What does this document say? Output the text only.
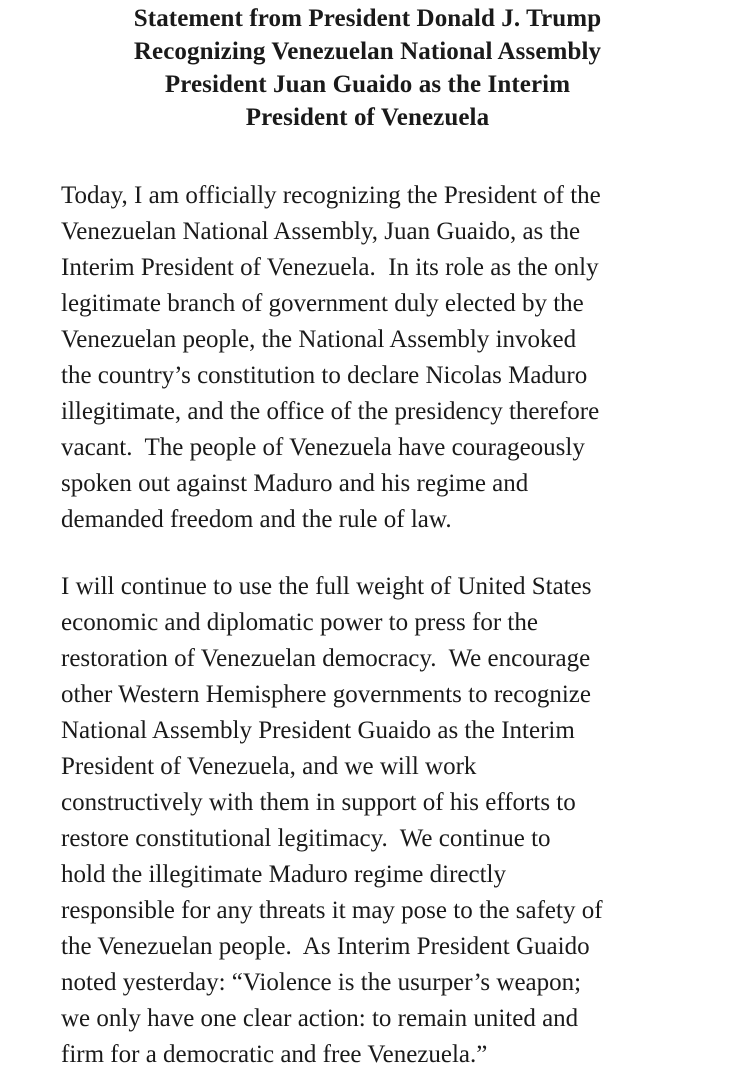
Statement from President Donald J. Trump
Recognizing Venezuelan National Assembly
President Juan Guaido as the Interim
President of Venezuela
Today, I am officially recognizing the President of the
Venezuelan National Assembly, Juan Guaido, as the
Interim President of Venezuela.  In its role as the only
legitimate branch of government duly elected by the
Venezuelan people, the National Assembly invoked
the country’s constitution to declare Nicolas Maduro
illegitimate, and the office of the presidency therefore
vacant.  The people of Venezuela have courageously
spoken out against Maduro and his regime and
demanded freedom and the rule of law.
I will continue to use the full weight of United States
economic and diplomatic power to press for the
restoration of Venezuelan democracy.  We encourage
other Western Hemisphere governments to recognize
National Assembly President Guaido as the Interim
President of Venezuela, and we will work
constructively with them in support of his efforts to
restore constitutional legitimacy.  We continue to
hold the illegitimate Maduro regime directly
responsible for any threats it may pose to the safety of
the Venezuelan people.  As Interim President Guaido
noted yesterday: “Violence is the usurper’s weapon;
we only have one clear action: to remain united and
firm for a democratic and free Venezuela.”
